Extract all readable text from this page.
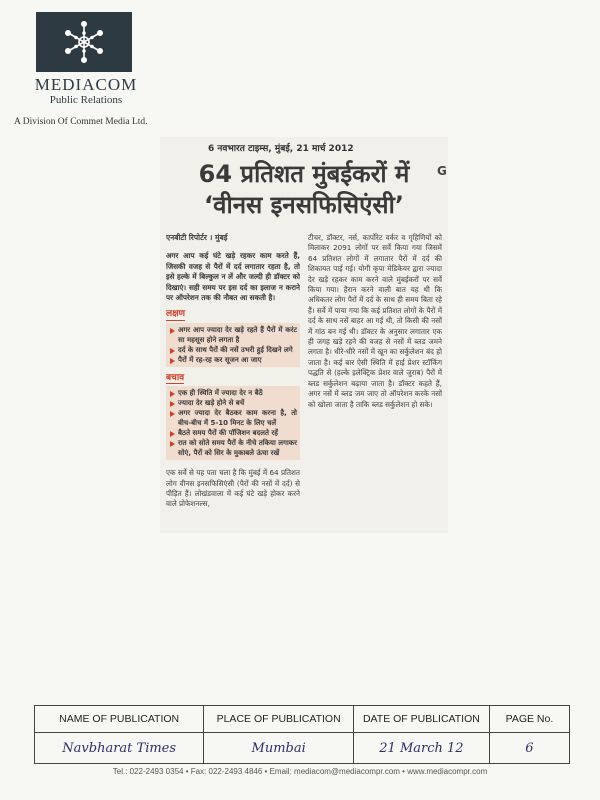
MEDIACOM
Public Relations
A Division Of Commet Media Ltd.
6 नवभारत टाइम्स, मुंबई, 21 मार्च 2012
64 प्रतिशत मुंबईकरों में
‘वीनस इनसफिसिएंसी’
एनबीटी रिपोर्टर । मुंबई

अगर आप कई घंटे खड़े रहकर काम करते हैं, जिसकी वजह से पैरों में दर्द लगातार रहता है, तो इसे हल्के में बिल्कुल न लें और जल्दी ही डॉक्टर को दिखाएं। सही समय पर इस दर्द का इलाज न कराने पर ऑपरेशन तक की नौबत आ सकती है।

लक्षण
अगर आप ज्यादा देर खड़े रहते हैं पैरों में करंट सा महसूस होने लगता है
दर्द के साथ पैरों की नसें उभरी हुई दिखने लगे
पैरों में रह-रह कर सूजन आ जाए
बचाव
एक ही स्थिति में ज्यादा देर न बैठें
ज्यादा देर खड़े होने से बचें
अगर ज्यादा देर बैठकर काम करना है, तो बीच-बीच में 5-10 मिनट के लिए चलें
बैठते समय पैरों की पॉजिशन बदलते रहें
रात को सोते समय पैरों के नीचे तकिया लगाकर सोएं, पैरों को सिर के मुकाबले ऊंचा रखें

एक सर्वे से यह पता चला है कि मुंबई में 64 प्रतिशत लोग वीनस इनसफिसिएंसी (पैरों की नसों में दर्द) से पीड़ित हैं। लोखंडवाला में कई घंटे खड़े होकर करने वाले प्रोफेशनल्स,

टीचर, डॉक्टर, नर्स, कार्पोरेट वर्कर व गृहिणियों को मिलाकर 2091 लोगों पर सर्वे किया गया जिसमें 64 प्रतिशत लोगों में लगातार पैरों में दर्द की शिकायत पाई गई। योगी कृपा मेडिकेयर द्वारा ज्यादा देर खड़े रहकर काम करने वाले मुंबईकरों पर सर्वे किया गया। हैरान करने वाली बात यह थी कि अधिकतर लोग पैरों में दर्द के साथ ही समय बिता रहे हैं। सर्वे में पाया गया कि कई प्रतिशत लोगों के पैरों में दर्द के साथ नसें बाहर आ गई थी, तो किसी की नसों में गांठ बन गई थी। डॉक्टर के अनुसार लगातार एक ही जगह खड़े रहने की वजह से नसों में ब्लड जमने लगता है। धीरे-धीरे नसों में खून का सर्कुलेशन बंद हो जाता है। कई बार ऐसी स्थिति में हाई प्रेशर स्टॉकिंग पद्धति से (हल्के इलेक्ट्रिक प्रेशर वाले जुराब) पैरों में ब्लड सर्कुलेशन बढ़ाया जाता है। डॉक्टर कहते हैं, अगर नसें में ब्लड जम जाए तो ऑपरेशन करके नसों को खोला जाता है ताकि ब्लड सर्कुलेशन हो सके।

G
NAME OF PUBLICATION	PLACE OF PUBLICATION	DATE OF PUBLICATION	PAGE No.
Navbharat Times	Mumbai	21 March 12	6
Tel.: 022-2493 0354 • Fax: 022-2493 4846 • Email: mediacom@mediacompr.com • www.mediacompr.com
